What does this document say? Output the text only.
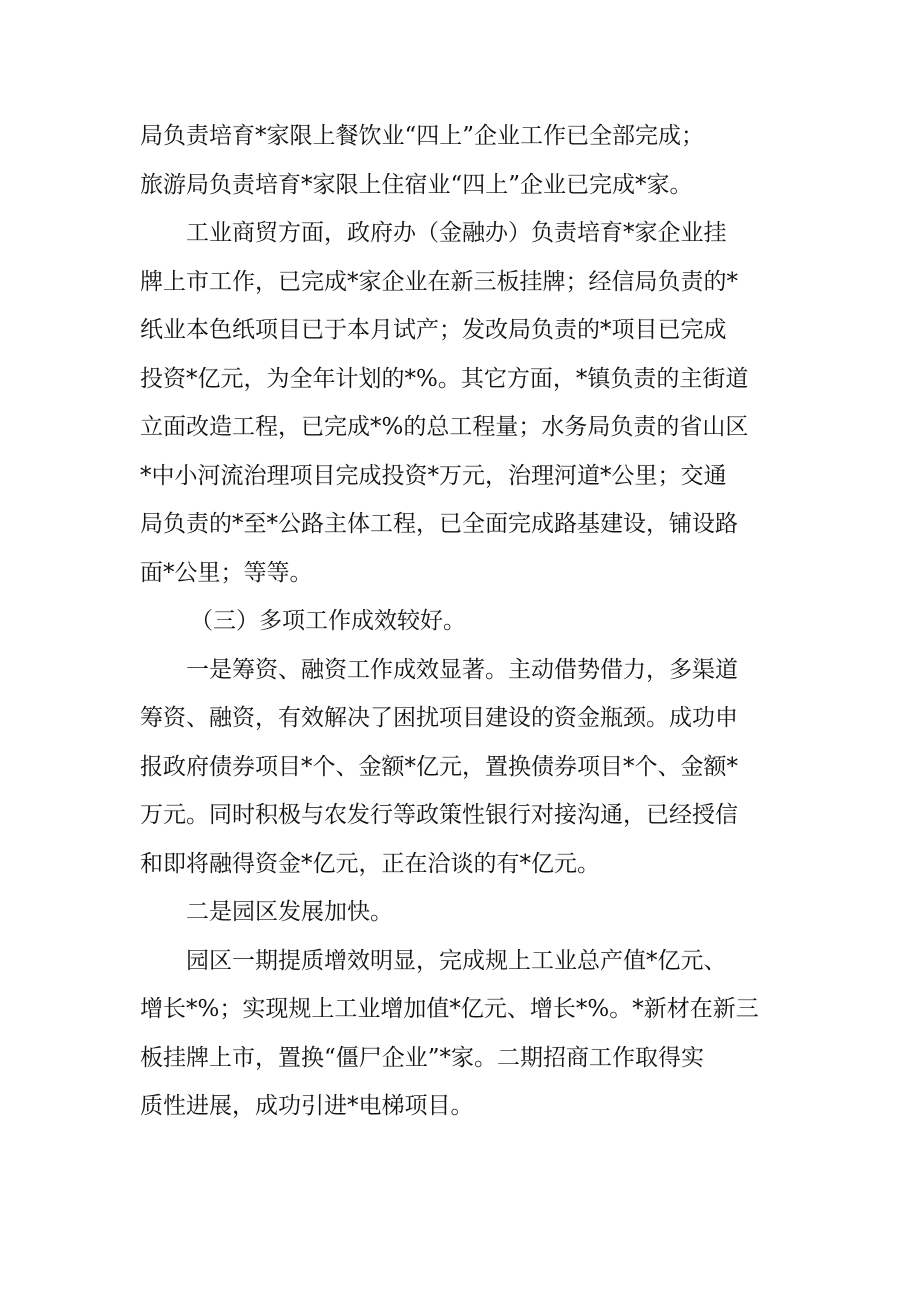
局负责培育*家限上餐饮业“四上”企业工作已全部完成；
旅游局负责培育*家限上住宿业“四上”企业已完成*家。
工业商贸方面，政府办（金融办）负责培育*家企业挂
牌上市工作，已完成*家企业在新三板挂牌；经信局负责的*
纸业本色纸项目已于本月试产；发改局负责的*项目已完成
投资*亿元，为全年计划的*%。其它方面，*镇负责的主街道
立面改造工程，已完成*%的总工程量；水务局负责的省山区
*中小河流治理项目完成投资*万元，治理河道*公里；交通
局负责的*至*公路主体工程，已全面完成路基建设，铺设路
面*公里；等等。
（三）多项工作成效较好。
一是筹资、融资工作成效显著。主动借势借力，多渠道
筹资、融资，有效解决了困扰项目建设的资金瓶颈。成功申
报政府债券项目*个、金额*亿元，置换债券项目*个、金额*
万元。同时积极与农发行等政策性银行对接沟通，已经授信
和即将融得资金*亿元，正在洽谈的有*亿元。
二是园区发展加快。
园区一期提质增效明显，完成规上工业总产值*亿元、
增长*%；实现规上工业增加值*亿元、增长*%。*新材在新三
板挂牌上市，置换“僵尸企业”*家。二期招商工作取得实
质性进展，成功引进*电梯项目。
